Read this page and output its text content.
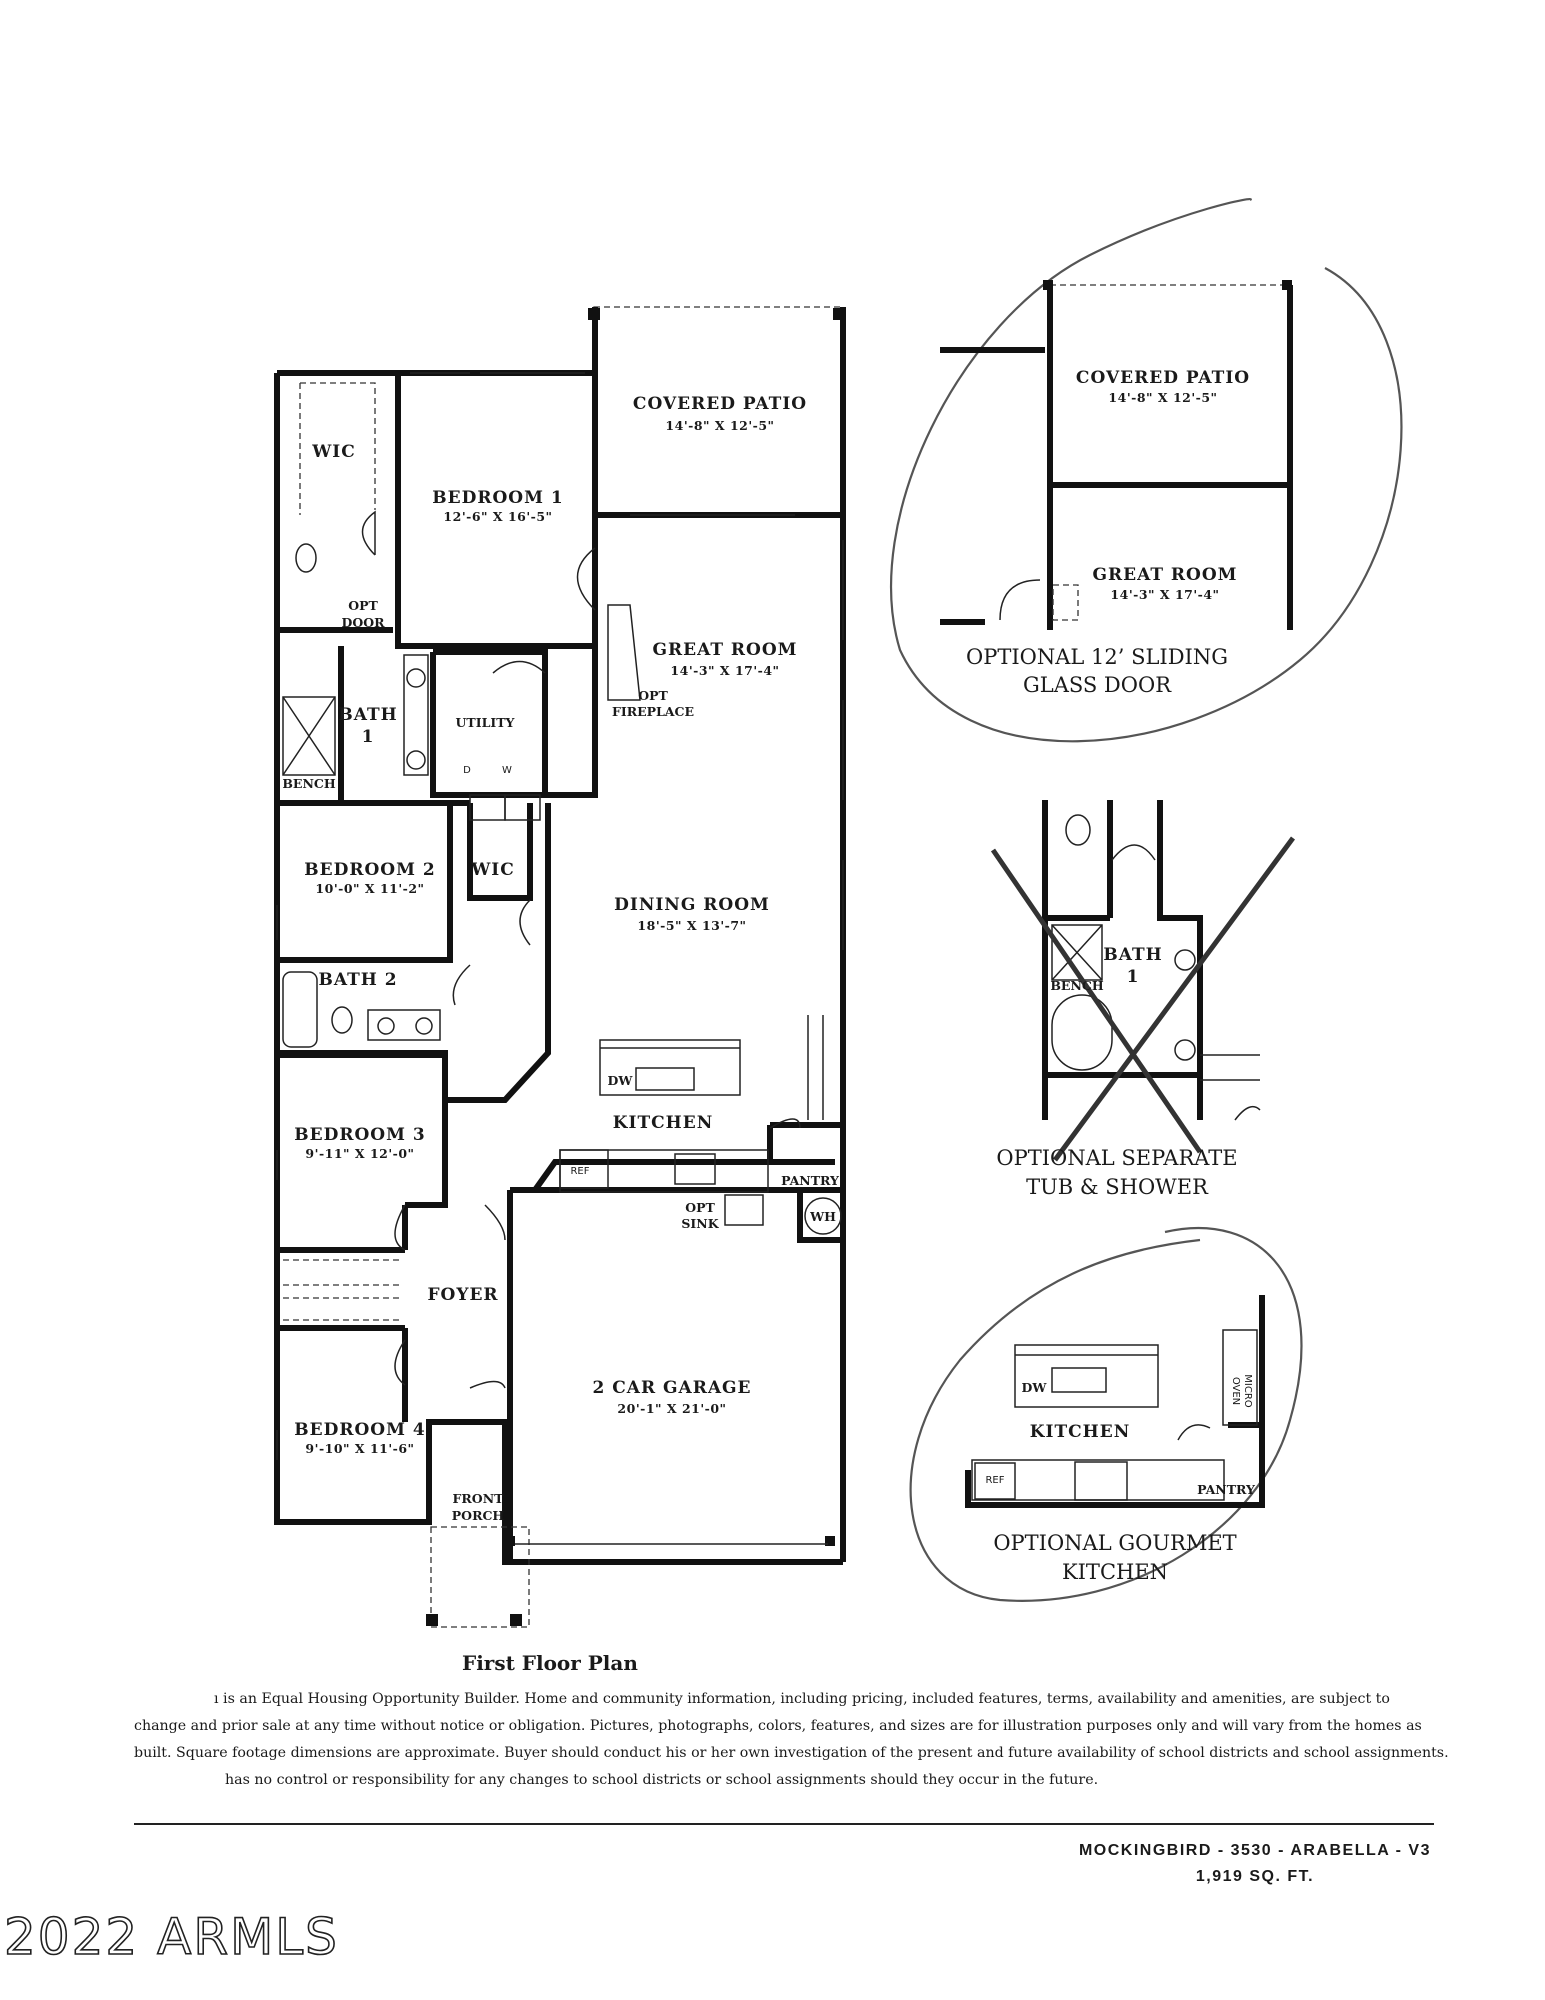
COVERED PATIO
14'-8" X 12'-5"
WIC
BEDROOM 1
12'-6" X 16'-5"
OPT
DOOR
GREAT ROOM
14'-3" X 17'-4"
OPT
FIREPLACE
BATH
1
UTILITY
D	W
BENCH
BEDROOM 2
10'-0" X 11'-2"
WIC
DINING ROOM
18'-5" X 13'-7"
BATH 2
DW
KITCHEN
BEDROOM 3
9'-11" X 12'-0"
REF
PANTRY
OPT
SINK	WH
FOYER
2 CAR GARAGE
20'-1" X 21'-0"
BEDROOM 4
9'-10" X 11'-6"
FRONT
PORCH
COVERED PATIO
14'-8" X 12'-5"
GREAT ROOM
14'-3" X 17'-4"
OPTIONAL 12’ SLIDING
GLASS DOOR
BATH
1
BENCH
OPTIONAL SEPARATE
TUB & SHOWER
DW	MICRO
OVEN
KITCHEN
REF
PANTRY
OPTIONAL GOURMET
KITCHEN
First Floor Plan

ı is an Equal Housing Opportunity Builder. Home and community information, including pricing, included features, terms, availability and amenities, are subject to

change and prior sale at any time without notice or obligation. Pictures, photographs, colors, features, and sizes are for illustration purposes only and will vary from the homes as

built. Square footage dimensions are approximate. Buyer should conduct his or her own investigation of the present and future availability of school districts and school assignments.

has no control or responsibility for any changes to school districts or school assignments should they occur in the future.

MOCKINGBIRD - 3530 - ARABELLA - V3
1,919 SQ. FT.
2022 ARMLS
